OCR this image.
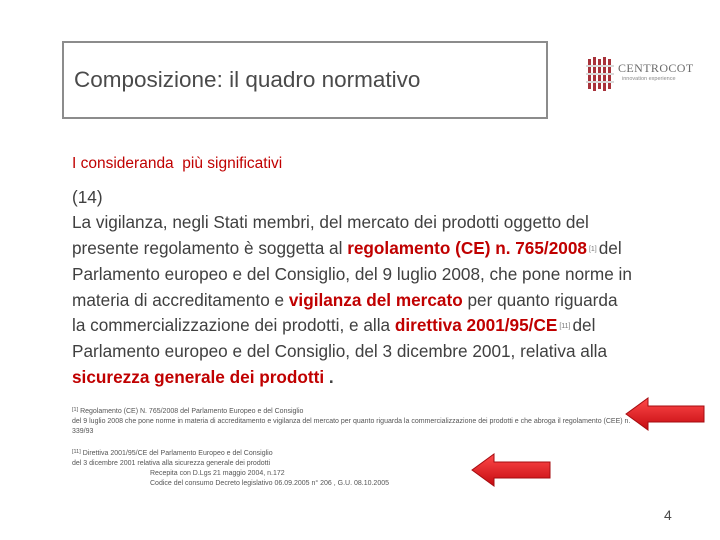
Composizione: il quadro normativo	CENTROCOT
innovation experience
I consideranda  più significativi
(14)
La vigilanza, negli Stati membri, del mercato dei prodotti oggetto del presente regolamento è soggetta al regolamento (CE) n. 765/2008 [1] del Parlamento europeo e del Consiglio, del 9 luglio 2008, che pone norme in materia di accreditamento e vigilanza del mercato per quanto riguarda la commercializzazione dei prodotti, e alla direttiva 2001/95/CE [11] del Parlamento europeo e del Consiglio, del 3 dicembre 2001, relativa alla sicurezza generale dei prodotti .
[1] Regolamento (CE) N. 765/2008 del Parlamento Europeo e del Consiglio
del 9 luglio 2008 che pone norme in materia di accreditamento e vigilanza del mercato per quanto riguarda la commercializzazione dei prodotti e che abroga il regolamento (CEE) n. 339/93
[11] Direttiva 2001/95/CE del Parlamento Europeo e del Consiglio
del 3 dicembre 2001 relativa alla sicurezza generale dei prodotti
Recepita con D.Lgs 21 maggio 2004, n.172
Codice del consumo Decreto legislativo 06.09.2005 n° 206 , G.U. 08.10.2005
4
